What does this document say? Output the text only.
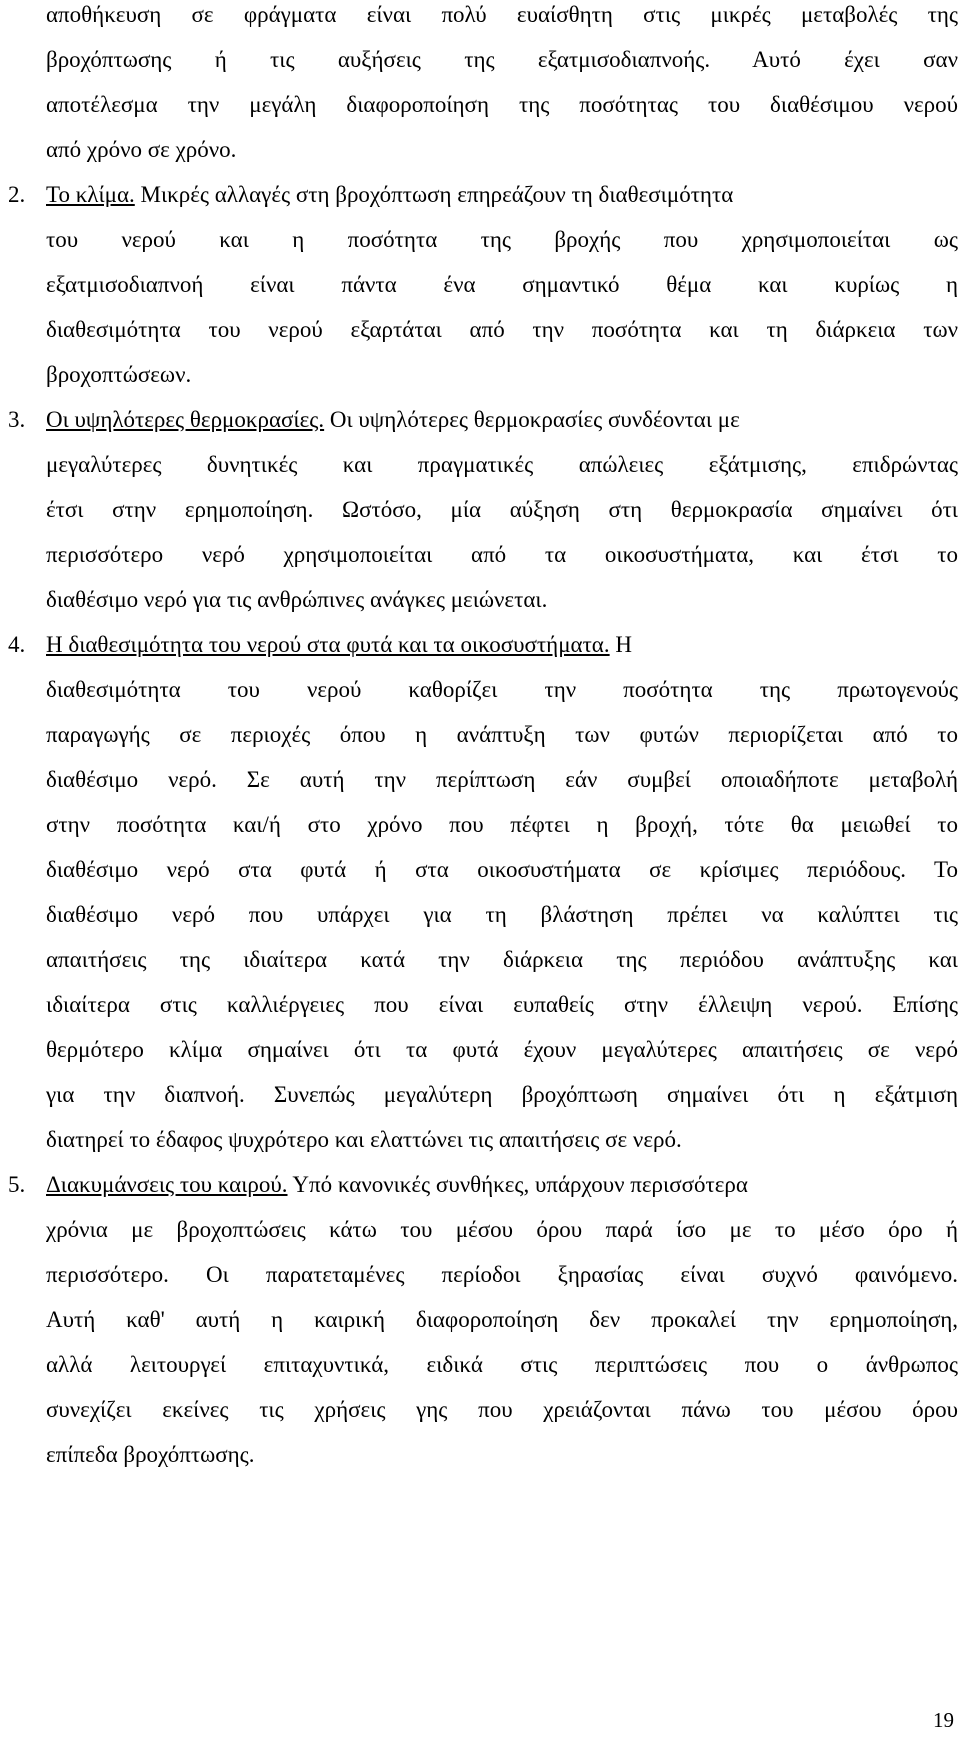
αποθήκευση σε φράγματα είναι πολύ ευαίσθητη στις μικρές μεταβολές της
βροχόπτωσης ή τις αυξήσεις της εξατμισοδιαπνοής. Αυτό έχει σαν
αποτέλεσμα την μεγάλη διαφοροποίηση της ποσότητας του διαθέσιμου νερού
από χρόνο σε χρόνο.
2. Το κλίμα. Μικρές αλλαγές στη βροχόπτωση επηρεάζουν τη διαθεσιμότητα
του νερού και η ποσότητα της βροχής που χρησιμοποιείται ως
εξατμισοδιαπνοή είναι πάντα ένα σημαντικό θέμα και κυρίως η
διαθεσιμότητα του νερού εξαρτάται από την ποσότητα και τη διάρκεια των
βροχοπτώσεων.
3. Οι υψηλότερες θερμοκρασίες. Οι υψηλότερες θερμοκρασίες συνδέονται με
μεγαλύτερες δυνητικές και πραγματικές απώλειες εξάτμισης, επιδρώντας
έτσι στην ερημοποίηση. Ωστόσο, μία αύξηση στη θερμοκρασία σημαίνει ότι
περισσότερο νερό χρησιμοποιείται από τα οικοσυστήματα, και έτσι το
διαθέσιμο νερό για τις ανθρώπινες ανάγκες μειώνεται.
4. Η διαθεσιμότητα του νερού στα φυτά και τα οικοσυστήματα. Η
διαθεσιμότητα του νερού καθορίζει την ποσότητα της πρωτογενούς
παραγωγής σε περιοχές όπου η ανάπτυξη των φυτών περιορίζεται από το
διαθέσιμο νερό. Σε αυτή την περίπτωση εάν συμβεί οποιαδήποτε μεταβολή
στην ποσότητα και/ή στο χρόνο που πέφτει η βροχή, τότε θα μειωθεί το
διαθέσιμο νερό στα φυτά ή στα οικοσυστήματα σε κρίσιμες περιόδους. Το
διαθέσιμο νερό που υπάρχει για τη βλάστηση πρέπει να καλύπτει τις
απαιτήσεις της ιδιαίτερα κατά την διάρκεια της περιόδου ανάπτυξης και
ιδιαίτερα στις καλλιέργειες που είναι ευπαθείς στην έλλειψη νερού. Επίσης
θερμότερο κλίμα σημαίνει ότι τα φυτά έχουν μεγαλύτερες απαιτήσεις σε νερό
για την διαπνοή. Συνεπώς μεγαλύτερη βροχόπτωση σημαίνει ότι η εξάτμιση
διατηρεί το έδαφος ψυχρότερο και ελαττώνει τις απαιτήσεις σε νερό.
5. Διακυμάνσεις του καιρού. Υπό κανονικές συνθήκες, υπάρχουν περισσότερα
χρόνια με βροχοπτώσεις κάτω του μέσου όρου παρά ίσο με το μέσο όρο ή
περισσότερο. Οι παρατεταμένες περίοδοι ξηρασίας είναι συχνό φαινόμενο.
Αυτή καθ' αυτή η καιρική διαφοροποίηση δεν προκαλεί την ερημοποίηση,
αλλά λειτουργεί επιταχυντικά, ειδικά στις περιπτώσεις που ο άνθρωπος
συνεχίζει εκείνες τις χρήσεις γης που χρειάζονται πάνω του μέσου όρου
επίπεδα βροχόπτωσης.
19
